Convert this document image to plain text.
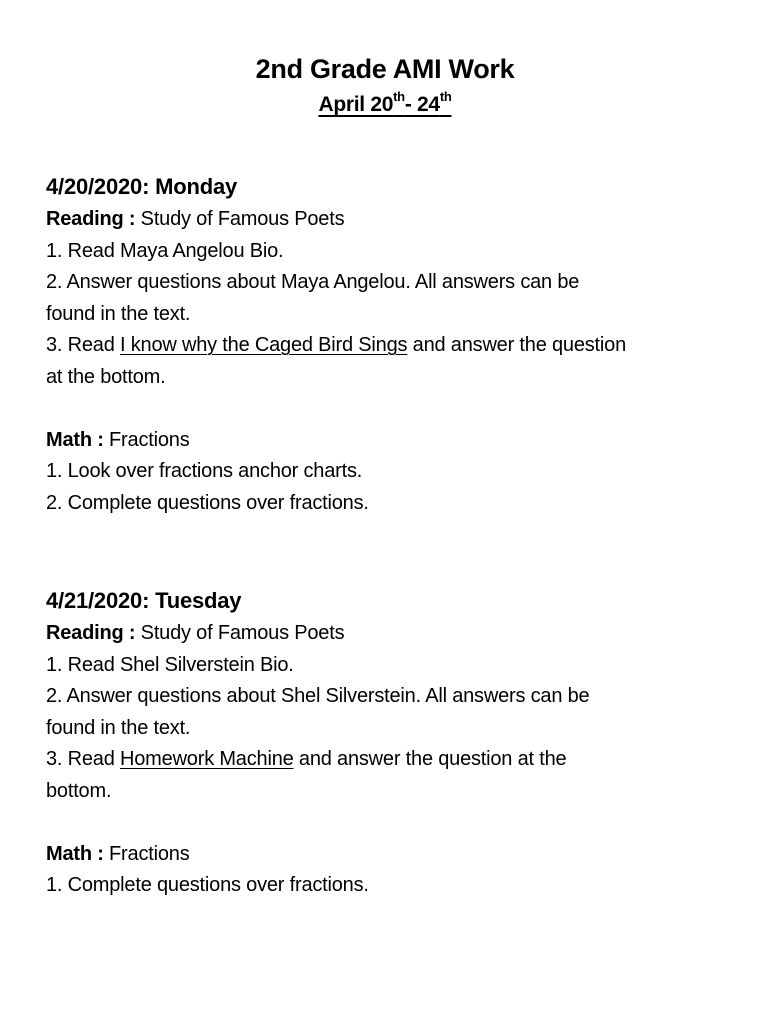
2nd Grade AMI Work
April 20th- 24th
4/20/2020: Monday
Reading : Study of Famous Poets
1. Read Maya Angelou Bio.
2. Answer questions about Maya Angelou. All answers can be
found in the text.
3. Read I know why the Caged Bird Sings and answer the question
at the bottom.
Math : Fractions
1. Look over fractions anchor charts.
2. Complete questions over fractions.
4/21/2020: Tuesday
Reading : Study of Famous Poets
1. Read Shel Silverstein Bio.
2. Answer questions about Shel Silverstein. All answers can be
found in the text.
3. Read Homework Machine and answer the question at the
bottom.
Math : Fractions
1. Complete questions over fractions.
